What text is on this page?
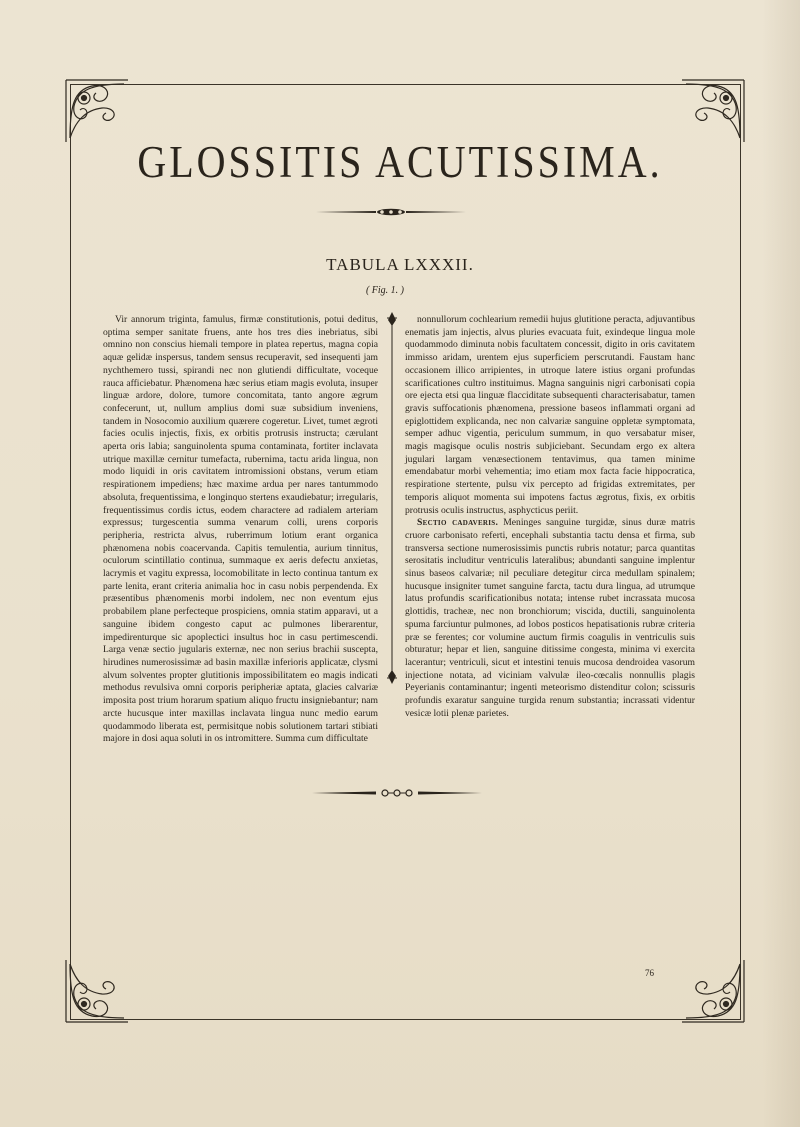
GLOSSITIS ACUTISSIMA.
TABULA LXXXII.
( Fig. 1. )

Vir annorum triginta, famulus, firmæ constitutionis, potui deditus, optima semper sanitate fruens, ante hos tres dies inebriatus, sibi omnino non conscius hiemali tempore in platea repertus, magna copia aquæ gelidæ inspersus, tandem sensus recuperavit, sed insequenti jam nychthemero tussi, spirandi nec non glutiendi difficultate, voceque rauca afficiebatur. Phænomena hæc serius etiam magis evoluta, insuper linguæ ardore, dolore, tumore concomitata, tanto angore ægrum confecerunt, ut, nullum amplius domi suæ subsidium inveniens, tandem in Nosocomio auxilium quærere cogeretur. Livet, tumet ægroti facies oculis injectis, fixis, ex orbitis protrusis instructa; cærulant aperta oris labia; sanguinolenta spuma contaminata, fortiter inclavata utrique maxillæ cernitur tumefacta, rubernima, tactu arida lingua, non modo liquidi in oris cavitatem intromissioni obstans, verum etiam respirationem impediens; hæc maxime ardua per nares tantummodo absoluta, frequentissima, e longinquo stertens exaudiebatur; irregularis, frequentissimus cordis ictus, eodem charactere ad radialem arteriam expressus; turgescentia summa venarum colli, urens corporis peripheria, restricta alvus, ruberrimum lotium erant organica phænomena nobis coacervanda. Capitis temulentia, aurium tinnitus, oculorum scintillatio continua, summaque ex aeris defectu anxietas, lacrymis et vagitu expressa, locomobilitate in lecto continua tantum ex parte lenita, erant criteria animalia hoc in casu nobis perpendenda. Ex præsentibus phænomenis morbi indolem, nec non eventum ejus probabilem plane perfecteque prospiciens, omnia statim apparavi, ut a sanguine ibidem congesto caput ac pulmones liberarentur, impedirenturque sic apoplectici insultus hoc in casu pertimescendi. Larga venæ sectio jugularis externæ, nec non serius brachii suscepta, hirudines numerosissimæ ad basin maxillæ inferioris applicatæ, clysmi alvum solventes propter glutitionis impossibilitatem eo magis indicati methodus revulsiva omni corporis peripheriæ aptata, glacies calvariæ imposita post trium horarum spatium aliquo fructu insigniebantur; nam arcte hucusque inter maxillas inclavata lingua nunc medio earum quodammodo liberata est, permisitque nobis solutionem tartari stibiati majore in dosi aqua soluti in os intromittere. Summa cum difficultate

nonnullorum cochlearium remedii hujus glutitione peracta, adjuvantibus enematis jam injectis, alvus pluries evacuata fuit, exindeque lingua mole quodammodo diminuta nobis facultatem concessit, digito in oris cavitatem immisso aridam, urentem ejus superficiem perscrutandi. Faustam hanc occasionem illico arripientes, in utroque latere istius organi profundas scarificationes cultro instituimus. Magna sanguinis nigri carbonisati copia ore ejecta etsi qua linguæ flacciditate subsequenti characterisabatur, tamen gravis suffocationis phænomena, pressione baseos inflammati organi ad epiglottidem explicanda, nec non calvariæ sanguine oppletæ symptomata, semper adhuc vigentia, periculum summum, in quo versabatur miser, magis magisque oculis nostris subjiciebant. Secundam ergo ex altera jugulari largam venæsectionem tentavimus, qua tamen minime emendabatur morbi vehementia; imo etiam mox facta facie hippocratica, respiratione stertente, pulsu vix percepto ad frigidas extremitates, per temporis aliquot momenta sui impotens factus ægrotus, fixis, ex orbitis protrusis oculis instructus, asphycticus periit.

Sectio cadaveris. Meninges sanguine turgidæ, sinus duræ matris cruore carbonisato referti, encephali substantia tactu densa et firma, sub transversa sectione numerosissimis punctis rubris notatur; parca quantitas serositatis includitur ventriculis lateralibus; abundanti sanguine implentur sinus baseos calvariæ; nil peculiare detegitur circa medullam spinalem; hucusque insigniter tumet sanguine farcta, tactu dura lingua, ad utrumque latus profundis scarificationibus notata; intense rubet incrassata mucosa glottidis, tracheæ, nec non bronchiorum; viscida, ductili, sanguinolenta spuma farciuntur pulmones, ad lobos posticos hepatisationis rubræ criteria præ se ferentes; cor volumine auctum firmis coagulis in ventriculis suis obturatur; hepar et lien, sanguine ditissime congesta, minima vi exercita lacerantur; ventriculi, sicut et intestini tenuis mucosa dendroidea vasorum injectione notata, ad viciniam valvulæ ileo-cœcalis nonnullis plagis Peyerianis contaminantur; ingenti meteorismo distenditur colon; scissuris profundis exaratur sanguine turgida renum substantia; incrassati videntur vesicæ lotii plenæ parietes.

76
